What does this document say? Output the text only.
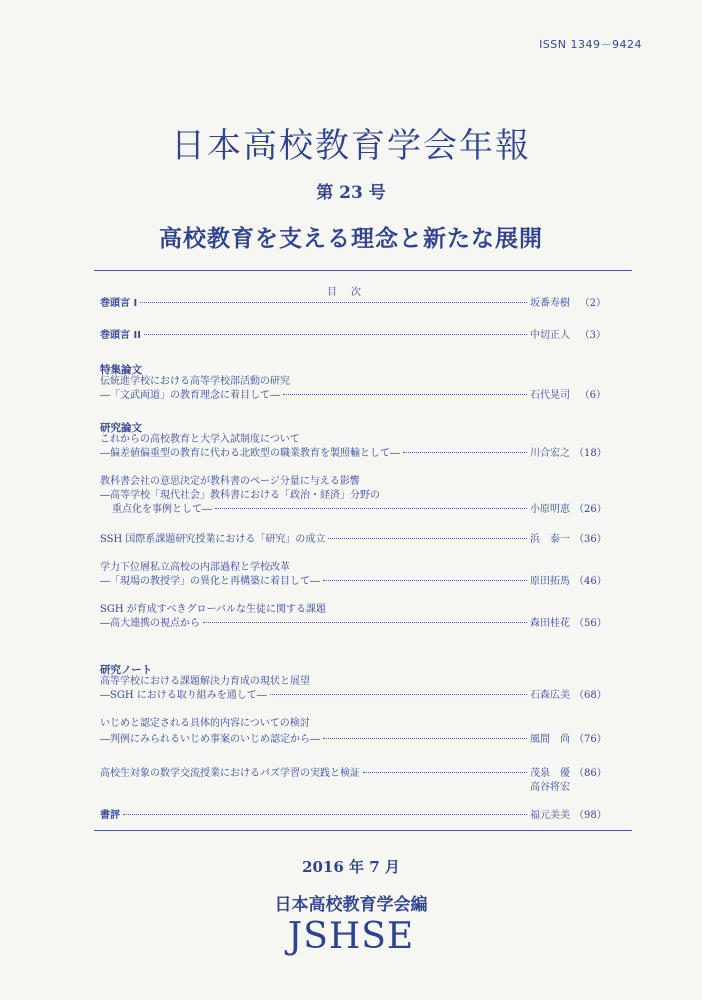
ISSN 1349－9424
日本高校教育学会年報
第 23 号
高校教育を支える理念と新たな展開
目次
巻頭言 I	坂番寿樹 （2）
巻頭言 II	中切正人 （3）
特集論文
伝統進学校における高等学校部活動の研究
―「文武両道」の教育理念に着目して―	石代晃司 （6）
研究論文
これからの高校教育と大学入試制度について
―偏差値偏重型の教育に代わる北欧型の職業教育を製照輸として―	川合宏之 （18）
教科書会社の意思決定が教科書のページ分量に与える影響
―高等学校「現代社会」教科書における「政治・経済」分野の
重点化を事例として―	小原明恵 （26）
SSH 国際系課題研究授業における「研究」の成立	浜　泰一 （36）
学力下位層私立高校の内部過程と学校改革
―「現場の教授学」の異化と再構築に着目して―	原田拓馬 （46）
SGH が育成すべきグローバルな生徒に関する課題
―高大連携の視点から	森田桂花 （56）
研究ノート
高等学校における課題解決力育成の現状と展望
―SGH における取り組みを通して―	石森広美 （68）
いじめと認定される具体的内容についての検討
―判例にみられるいじめ事案のいじめ認定から―	風間　尚 （76）
高校生対象の数学交流授業におけるパズ学習の実践と検証	茂泉　優 （86）
高谷将宏
書評	福元美美 （98）
2016 年 7 月
日本高校教育学会編
JSHSE
